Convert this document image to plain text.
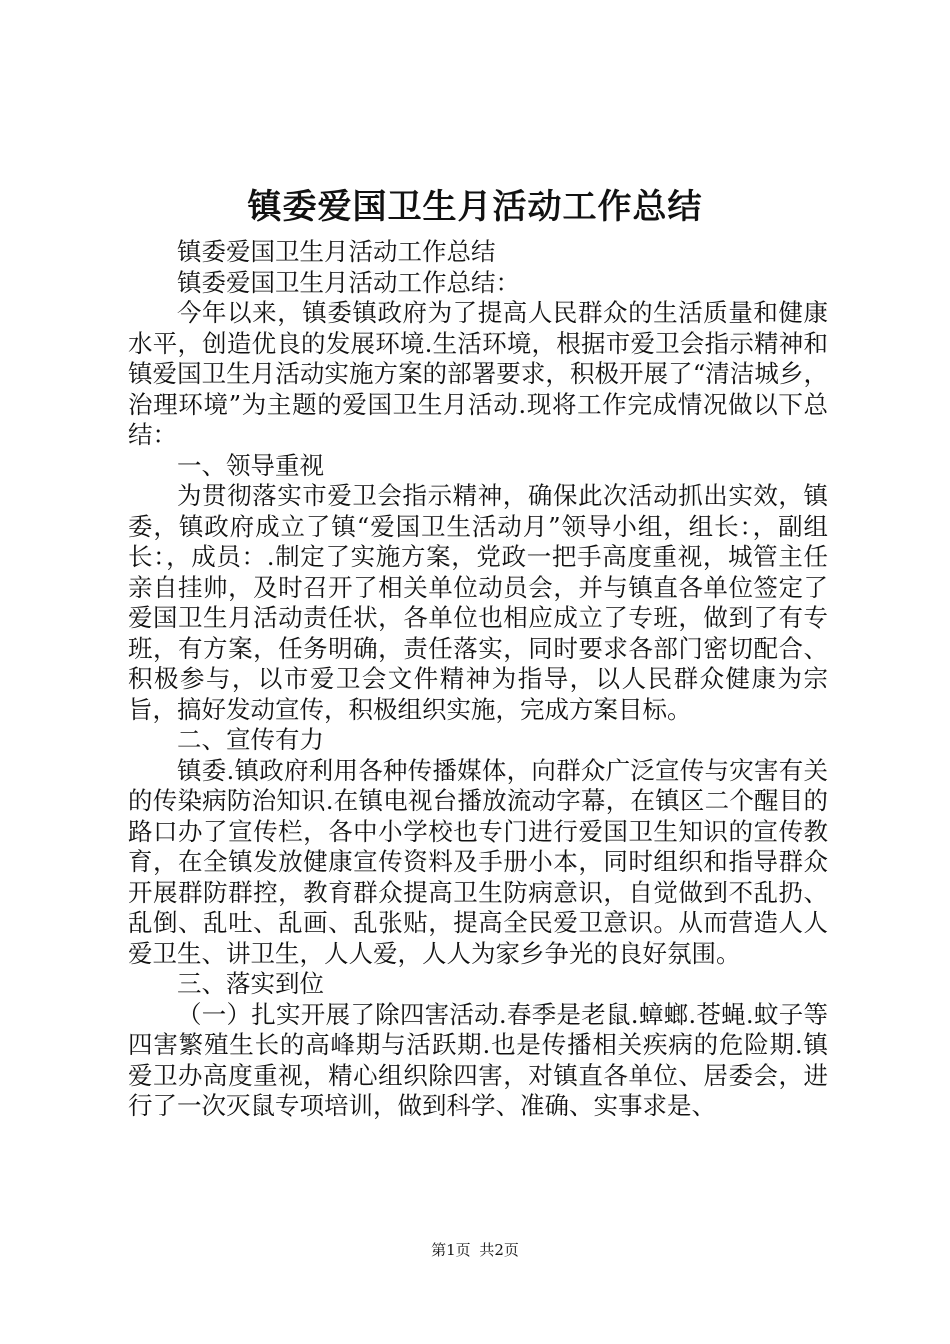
镇委爱国卫生月活动工作总结

镇委爱国卫生月活动工作总结

镇委爱国卫生月活动工作总结：

今年以来，镇委镇政府为了提高人民群众的生活质量和健康水平，创造优良的发展环境.生活环境，根据市爱卫会指示精神和镇爱国卫生月活动实施方案的部署要求，积极开展了“清洁城乡，治理环境”为主题的爱国卫生月活动.现将工作完成情况做以下总结：

一、领导重视

为贯彻落实市爱卫会指示精神，确保此次活动抓出实效，镇委，镇政府成立了镇“爱国卫生活动月”领导小组，组长：，副组长：，成员：.制定了实施方案，党政一把手高度重视，城管主任亲自挂帅，及时召开了相关单位动员会，并与镇直各单位签定了爱国卫生月活动责任状，各单位也相应成立了专班，做到了有专班，有方案，任务明确，责任落实，同时要求各部门密切配合、积极参与，以市爱卫会文件精神为指导，以人民群众健康为宗旨，搞好发动宣传，积极组织实施，完成方案目标。

二、宣传有力

镇委.镇政府利用各种传播媒体，向群众广泛宣传与灾害有关的传染病防治知识.在镇电视台播放流动字幕，在镇区二个醒目的路口办了宣传栏，各中小学校也专门进行爱国卫生知识的宣传教育，在全镇发放健康宣传资料及手册小本，同时组织和指导群众开展群防群控，教育群众提高卫生防病意识，自觉做到不乱扔、乱倒、乱吐、乱画、乱张贴，提高全民爱卫意识。从而营造人人爱卫生、讲卫生，人人爱，人人为家乡争光的良好氛围。

三、落实到位

（一）扎实开展了除四害活动.春季是老鼠.蟑螂.苍蝇.蚊子等四害繁殖生长的高峰期与活跃期.也是传播相关疾病的危险期.镇爱卫办高度重视，精心组织除四害，对镇直各单位、居委会，进行了一次灭鼠专项培训，做到科学、准确、实事求是、

第1页 共2页
